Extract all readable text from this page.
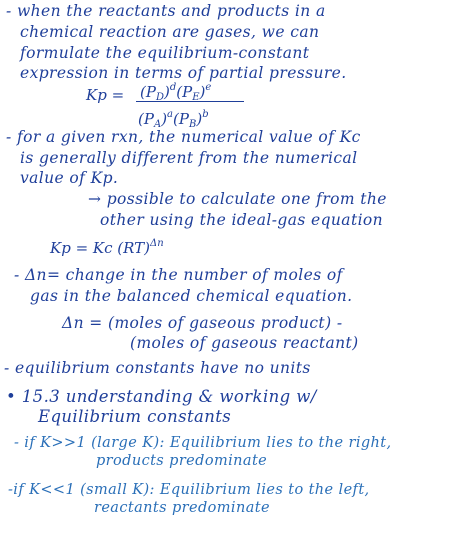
- when the reactants and products in a
chemical reaction are gases, we can
formulate the equilibrium-constant
expression in terms of partial pressure.
$Kp = (P_D)^d(P_E)^e$
$(P_A)^a(P_B)^b$
- for a given rxn, the numerical value of Kc
is generally different from the numerical
value of Kp.
→ possible to calculate one from the
other using the ideal-gas equation
Kp = Kc (RT)$^{\Delta n}$
- Δn= change in the number of moles of
gas in the balanced chemical equation.
Δn = (moles of gaseous product) -
(moles of gaseous reactant)
- equilibrium constants have no units
• 15.3 understanding & working w/
Equilibrium constants
- if K>>1 (large K): Equilibrium lies to the right,
products predominate
-if K<<1 (small K): Equilibrium lies to the left,
reactants predominate
